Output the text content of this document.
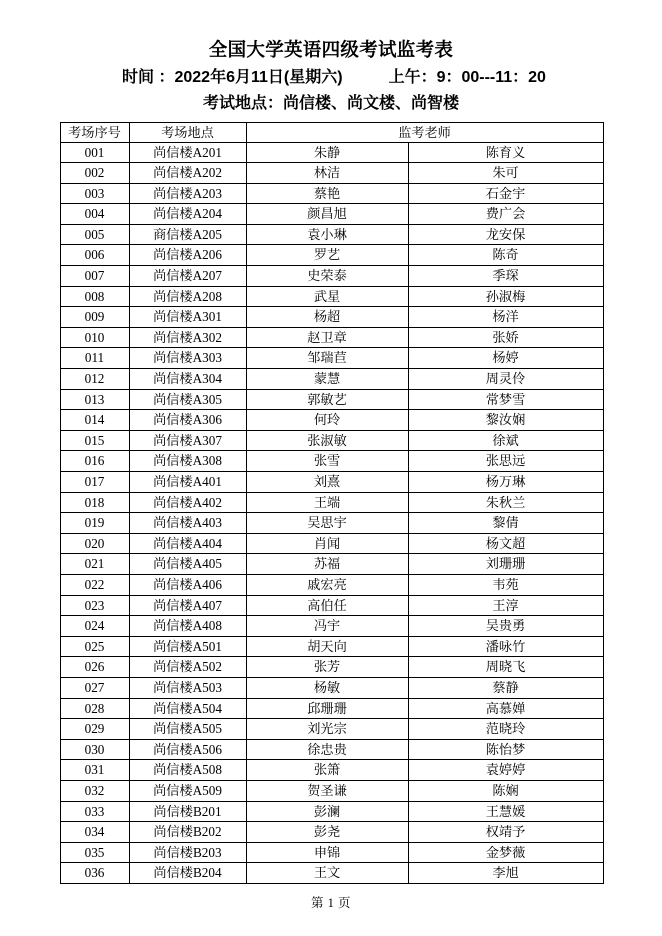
全国大学英语四级考试监考表
时间 ： 2022年6月11日(星期六)	上午：9：00---11：20
考试地点：尚信楼、尚文楼、尚智楼
考场序号	考场地点	监考老师	
001	尚信楼A201	朱静	陈育义
002	尚信楼A202	林洁	朱可
003	尚信楼A203	蔡艳	石金宇
004	尚信楼A204	颜昌旭	费广会
005	商信楼A205	袁小琳	龙安保
006	尚信楼A206	罗艺	陈奇
007	尚信楼A207	史荣泰	季琛
008	尚信楼A208	武星	孙淑梅
009	尚信楼A301	杨超	杨洋
010	尚信楼A302	赵卫章	张娇
011	尚信楼A303	邹瑞苣	杨婷
012	尚信楼A304	蒙慧	周灵伶
013	尚信楼A305	郭敏艺	常梦雪
014	尚信楼A306	何玲	黎汝娴
015	尚信楼A307	张淑敏	徐斌
016	尚信楼A308	张雪	张思远
017	尚信楼A401	刘熹	杨万琳
018	尚信楼A402	王端	朱秋兰
019	尚信楼A403	吴思宇	黎倩
020	尚信楼A404	肖闻	杨文超
021	尚信楼A405	苏福	刘珊珊
022	尚信楼A406	戚宏亮	韦苑
023	尚信楼A407	高伯任	王淳
024	尚信楼A408	冯宇	吴贵勇
025	尚信楼A501	胡天向	潘咏竹
026	尚信楼A502	张芳	周晓飞
027	尚信楼A503	杨敏	蔡静
028	尚信楼A504	邱珊珊	高慕婵
029	尚信楼A505	刘光宗	范晓玲
030	尚信楼A506	徐忠贵	陈怡梦
031	尚信楼A508	张箫	袁婷婷
032	尚信楼A509	贺圣谦	陈娴
033	尚信楼B201	彭澜	王慧媛
034	尚信楼B202	彭尧	权靖予
035	尚信楼B203	申锦	金梦薇
036	尚信楼B204	王文	李旭
第 1 页
